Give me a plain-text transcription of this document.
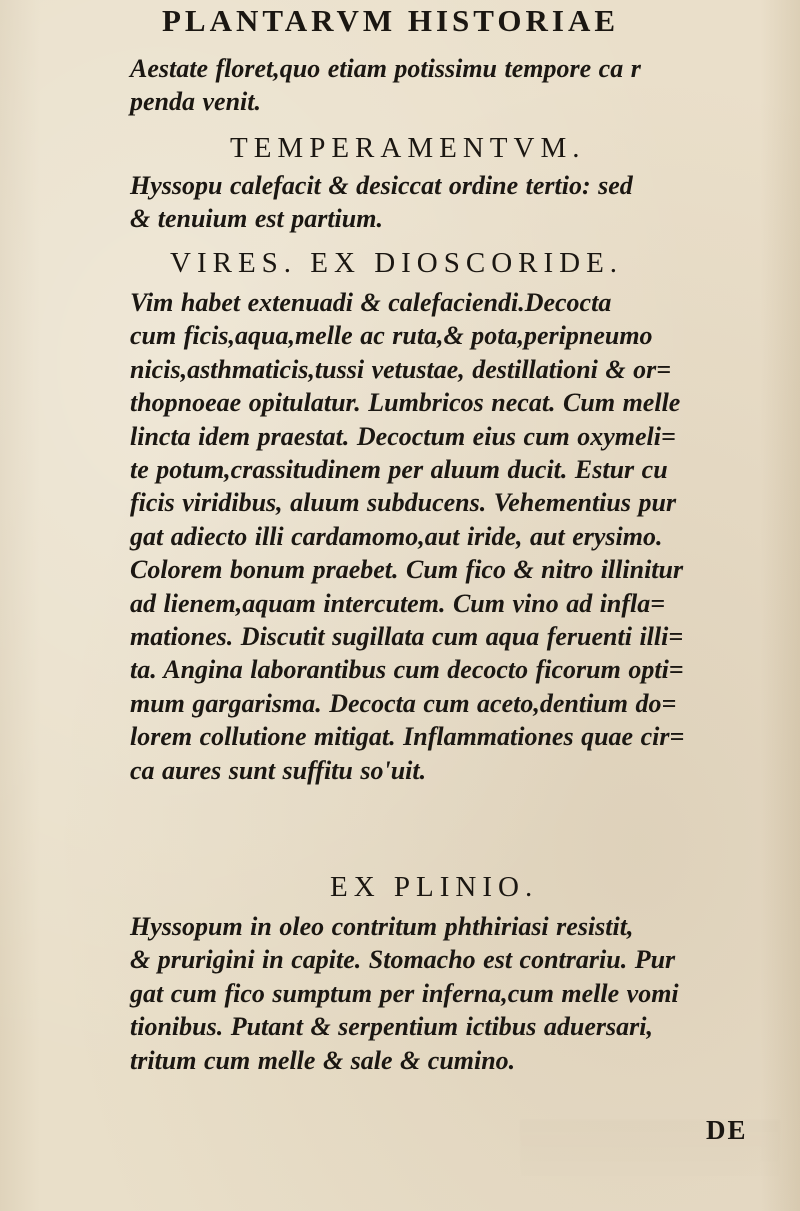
PLANTARVM HISTORIAE
Aestate floret,quo etiam potissimu tempore ca r
penda venit.
TEMPERAMENTVM.
Hyssopu calefacit & desiccat ordine tertio: sed
& tenuium est partium.
VIRES. EX DIOSCORIDE.
Vim habet extenuadi & calefaciendi.Decocta
cum ficis,aqua,melle ac ruta,& pota,peripneumo
nicis,asthmaticis,tussi vetustae, destillationi & or=
thopnoeae opitulatur. Lumbricos necat. Cum melle
lincta idem praestat. Decoctum eius cum oxymeli=
te potum,crassitudinem per aluum ducit. Estur cu
ficis viridibus, aluum subducens. Vehementius pur
gat adiecto illi cardamomo,aut iride, aut erysimo.
Colorem bonum praebet. Cum fico & nitro illinitur
ad lienem,aquam intercutem. Cum vino ad infla=
mationes. Discutit sugillata cum aqua feruenti illi=
ta. Angina laborantibus cum decocto ficorum opti=
mum gargarisma. Decocta cum aceto,dentium do=
lorem collutione mitigat. Inflammationes quae cir=
ca aures sunt suffitu so'uit.
EX PLINIO.
Hyssopum in oleo contritum phthiriasi resistit,
& prurigini in capite. Stomacho est contrariu. Pur
gat cum fico sumptum per inferna,cum melle vomi
tionibus. Putant & serpentium ictibus aduersari,
tritum cum melle & sale & cumino.
DE
